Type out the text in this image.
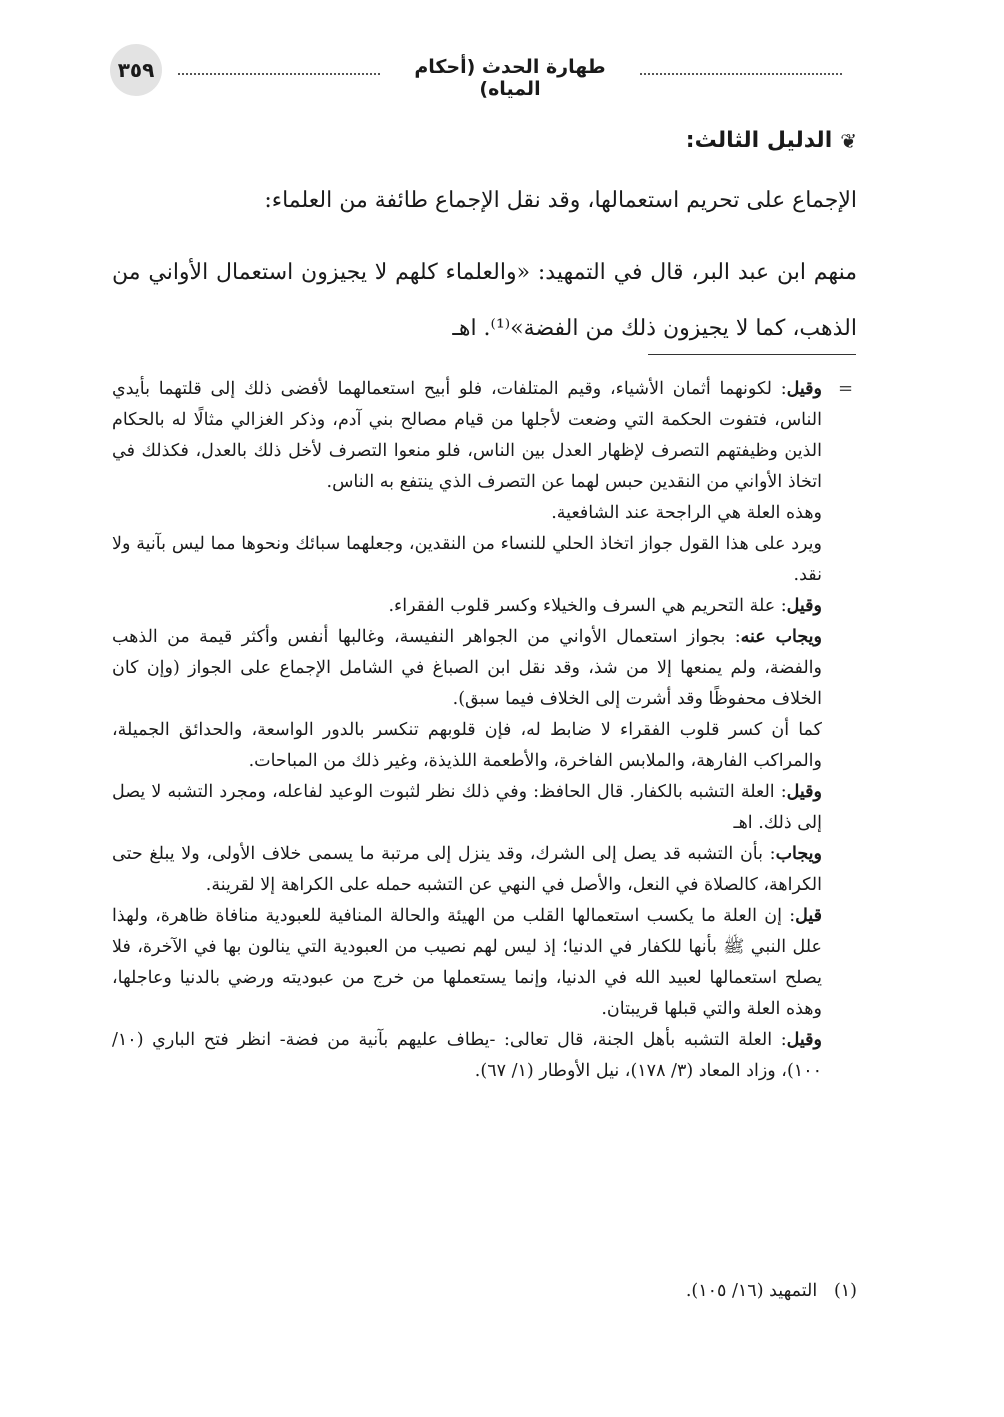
٣٥٩	طهارة الحدث (أحكام المياه)
❦
الدليل الثالث:
الإجماع على تحريم استعمالها، وقد نقل الإجماع طائفة من العلماء:
منهم ابن عبد البر، قال في التمهيد: «والعلماء كلهم لا يجيزون استعمال الأواني من الذهب، كما لا يجيزون ذلك من الفضة»⁽¹⁾. اهـ
=

وقيل: لكونهما أثمان الأشياء، وقيم المتلفات، فلو أبيح استعمالهما لأفضى ذلك إلى قلتهما بأيدي الناس، فتفوت الحكمة التي وضعت لأجلها من قيام مصالح بني آدم، وذكر الغزالي مثالًا له بالحكام الذين وظيفتهم التصرف لإظهار العدل بين الناس، فلو منعوا التصرف لأخل ذلك بالعدل، فكذلك في اتخاذ الأواني من النقدين حبس لهما عن التصرف الذي ينتفع به الناس.

وهذه العلة هي الراجحة عند الشافعية.

ويرد على هذا القول جواز اتخاذ الحلي للنساء من النقدين، وجعلهما سبائك ونحوها مما ليس بآنية ولا نقد.

وقيل: علة التحريم هي السرف والخيلاء وكسر قلوب الفقراء.

ويجاب عنه: بجواز استعمال الأواني من الجواهر النفيسة، وغالبها أنفس وأكثر قيمة من الذهب والفضة، ولم يمنعها إلا من شذ، وقد نقل ابن الصباغ في الشامل الإجماع على الجواز (وإن كان الخلاف محفوظًا وقد أشرت إلى الخلاف فيما سبق).

كما أن كسر قلوب الفقراء لا ضابط له، فإن قلوبهم تنكسر بالدور الواسعة، والحدائق الجميلة، والمراكب الفارهة، والملابس الفاخرة، والأطعمة اللذيذة، وغير ذلك من المباحات.

وقيل: العلة التشبه بالكفار. قال الحافظ: وفي ذلك نظر لثبوت الوعيد لفاعله، ومجرد التشبه لا يصل إلى ذلك. اهـ

ويجاب: بأن التشبه قد يصل إلى الشرك، وقد ينزل إلى مرتبة ما يسمى خلاف الأولى، ولا يبلغ حتى الكراهة، كالصلاة في النعل، والأصل في النهي عن التشبه حمله على الكراهة إلا لقرينة.

قيل: إن العلة ما يكسب استعمالها القلب من الهيئة والحالة المنافية للعبودية منافاة ظاهرة، ولهذا علل النبي ﷺ بأنها للكفار في الدنيا؛ إذ ليس لهم نصيب من العبودية التي ينالون بها في الآخرة، فلا يصلح استعمالها لعبيد الله في الدنيا، وإنما يستعملها من خرج من عبوديته ورضي بالدنيا وعاجلها، وهذه العلة والتي قبلها قريبتان.

وقيل: العلة التشبه بأهل الجنة، قال تعالى: -يطاف عليهم بآنية من فضة- انظر فتح الباري (١٠/ ١٠٠)، وزاد المعاد (٣/ ١٧٨)، نيل الأوطار (١/ ٦٧).

(١)   التمهيد (١٦/ ١٠٥).
